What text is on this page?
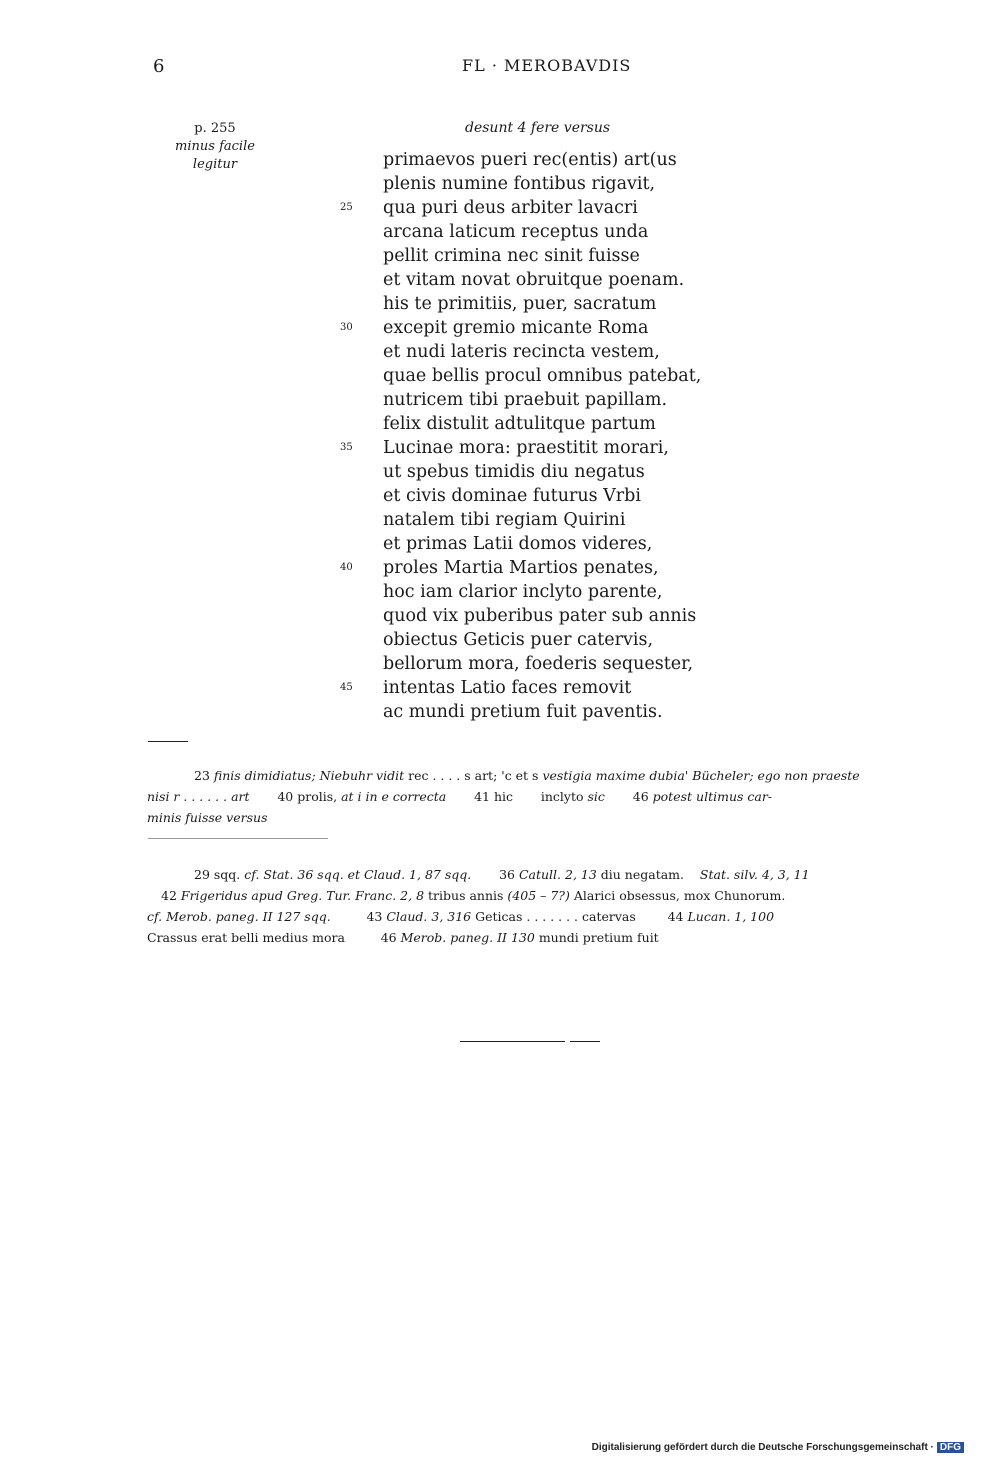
6	FL · MEROBAVDIS
p. 255
minus facile
legitur
desunt 4 fere versus
primaevos pueri rec(entis) art(us
plenis numine fontibus rigavit,
25	qua puri deus arbiter lavacri
arcana laticum receptus unda
pellit crimina nec sinit fuisse
et vitam novat obruitque poenam.
his te primitiis, puer, sacratum
30	excepit gremio micante Roma
et nudi lateris recincta vestem,
quae bellis procul omnibus patebat,
nutricem tibi praebuit papillam.
felix distulit adtulitque partum
35	Lucinae mora: praestitit morari,
ut spebus timidis diu negatus
et civis dominae futurus Vrbi
natalem tibi regiam Quirini
et primas Latii domos videres,
40	proles Martia Martios penates,
hoc iam clarior inclyto parente,
quod vix puberibus pater sub annis
obiectus Geticis puer catervis,
bellorum mora, foederis sequester,
45	intentas Latio faces removit
ac mundi pretium fuit paventis.
23 finis dimidiatus; Niebuhr vidit rec . . . . s art; 'c et s vestigia maxime dubia' Bücheler; ego non praeste
nisi r . . . . . . art 40 prolis, at i in e correcta 41 hic inclyto sic 46 potest ultimus car-
minis fuisse versus
29 sqq. cf. Stat. 36 sqq. et Claud. 1, 87 sqq. 36 Catull. 2, 13 diu negatam. Stat. silv. 4, 3, 11
42 Frigeridus apud Greg. Tur. Franc. 2, 8 tribus annis (405 – 7?) Alarici obsessus, mox Chunorum.
cf. Merob. paneg. II 127 sqq.	43 Claud. 3, 316 Geticas . . . . . . . catervas	44 Lucan. 1, 100
Crassus erat belli medius mora	46 Merob. paneg. II 130 mundi pretium fuit
Digitalisierung gefördert durch die Deutsche Forschungsgemeinschaft · DFG
